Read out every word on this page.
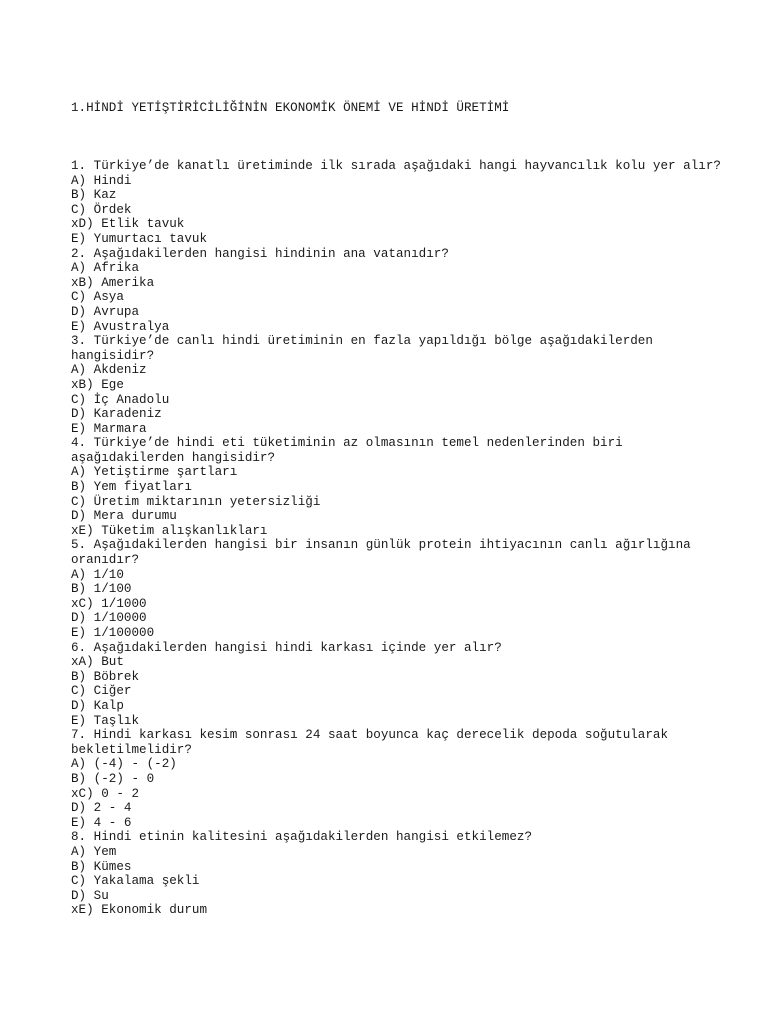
1.HİNDİ YETİŞTİRİCİLİĞİNİN EKONOMİK ÖNEMİ VE HİNDİ ÜRETİMİ
1. Türkiye’de kanatlı üretiminde ilk sırada aşağıdaki hangi hayvancılık kolu yer alır?
A) Hindi
B) Kaz
C) Ördek
xD) Etlik tavuk
E) Yumurtacı tavuk
2. Aşağıdakilerden hangisi hindinin ana vatanıdır?
A) Afrika
xB) Amerika
C) Asya
D) Avrupa
E) Avustralya
3. Türkiye’de canlı hindi üretiminin en fazla yapıldığı bölge aşağıdakilerden hangisidir?
A) Akdeniz
xB) Ege
C) İç Anadolu
D) Karadeniz
E) Marmara
4. Türkiye’de hindi eti tüketiminin az olmasının temel nedenlerinden biri aşağıdakilerden hangisidir?
A) Yetiştirme şartları
B) Yem fiyatları
C) Üretim miktarının yetersizliği
D) Mera durumu
xE) Tüketim alışkanlıkları
5. Aşağıdakilerden hangisi bir insanın günlük protein ihtiyacının canlı ağırlığına oranıdır?
A) 1/10
B) 1/100
xC) 1/1000
D) 1/10000
E) 1/100000
6. Aşağıdakilerden hangisi hindi karkası içinde yer alır?
xA) But
B) Böbrek
C) Ciğer
D) Kalp
E) Taşlık
7. Hindi karkası kesim sonrası 24 saat boyunca kaç derecelik depoda soğutularak bekletilmelidir?
A) (-4) - (-2)
B) (-2) - 0
xC) 0 - 2
D) 2 - 4
E) 4 - 6
8. Hindi etinin kalitesini aşağıdakilerden hangisi etkilemez?
A) Yem
B) Kümes
C) Yakalama şekli
D) Su
xE) Ekonomik durum
